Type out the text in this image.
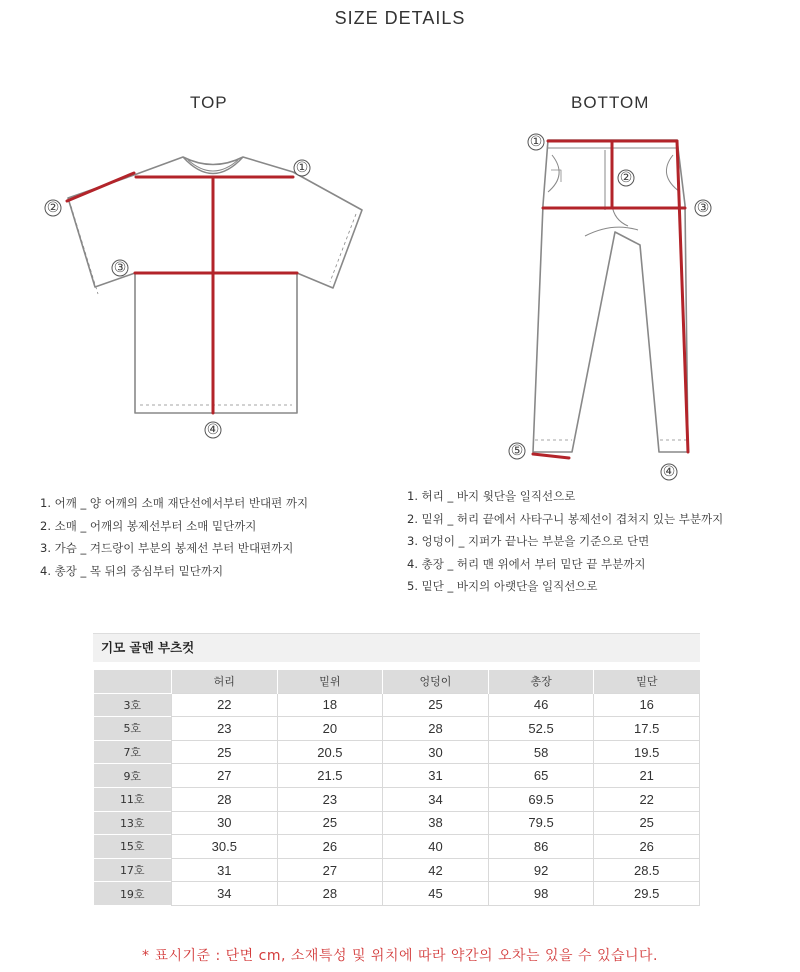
SIZE DETAILS
TOP	BOTTOM
①
②
③
④
①
②
③
④
⑤
1. 어깨 _ 양 어깨의 소매 재단선에서부터 반대편 까지
2. 소매 _ 어깨의 봉제선부터 소매 밑단까지
3. 가슴 _ 겨드랑이 부분의 봉제선 부터 반대편까지
4. 총장 _ 목 뒤의 중심부터 밑단까지
1. 허리 _ 바지 윗단을 일직선으로
2. 밑위 _ 허리 끝에서 사타구니 봉제선이 겹쳐지 있는 부분까지
3. 엉덩이 _ 지퍼가 끝나는 부분을 기준으로 단면
4. 총장 _ 허리 맨 위에서 부터 밑단 끝 부분까지
5. 밑단 _ 바지의 아랫단을 일직선으로
기모 골덴 부츠컷
	허리	밑위	엉덩이	총장	밑단
3호	22	18	25	46	16
5호	23	20	28	52.5	17.5
7호	25	20.5	30	58	19.5
9호	27	21.5	31	65	21
11호	28	23	34	69.5	22
13호	30	25	38	79.5	25
15호	30.5	26	40	86	26
17호	31	27	42	92	28.5
19호	34	28	45	98	29.5
* 표시기준 : 단면 cm, 소재특성 및 위치에 따라 약간의 오차는 있을 수 있습니다.
